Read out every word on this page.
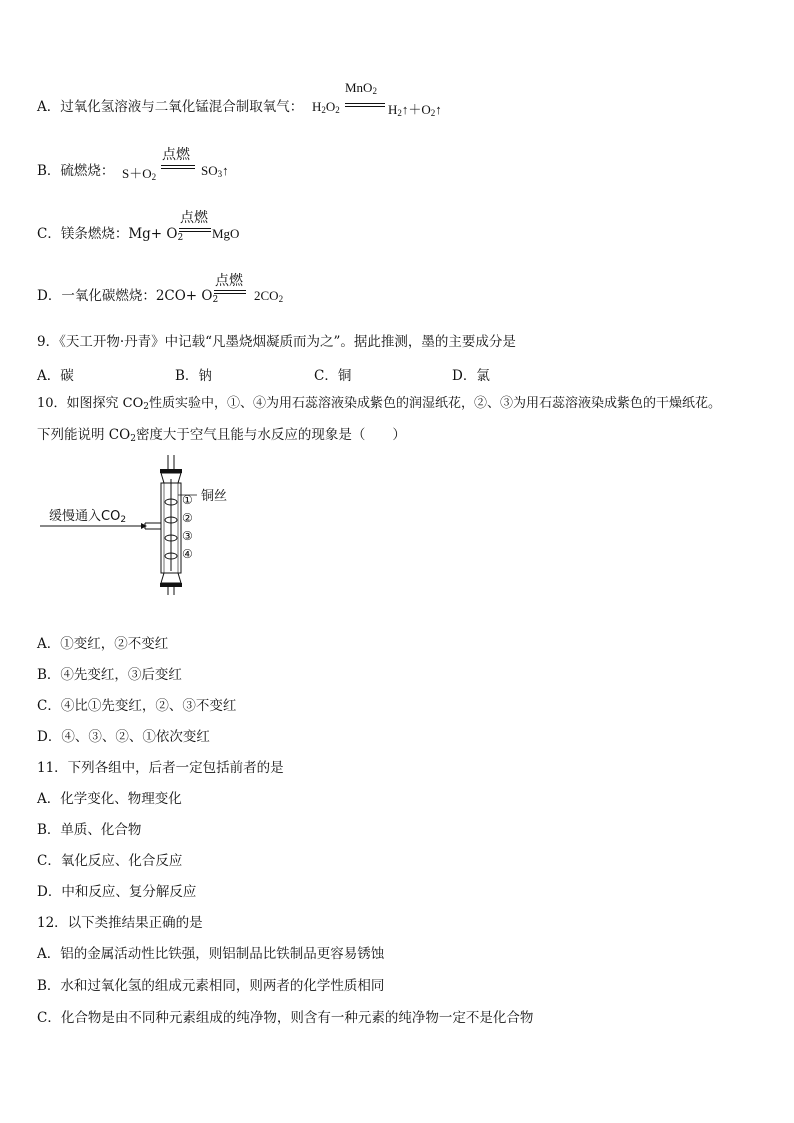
A．过氧化氢溶液与二氧化锰混合制取氧气： $H_2O_2$
MnO$_2$
$H_2↑+O_2↑$
B．硫燃烧： $S+O_2$
点燃
$SO_3↑$
C．镁条燃烧：$Mg+ O_2$
点燃
MgO
D．一氧化碳燃烧：$2CO+ O_2$
点燃
$2CO_2$
9．《天工开物·丹青》中记载“凡墨烧烟凝质而为之”。据此推测，墨的主要成分是
A．碳	B．钠	C．铜	D．氯
10．如图探究 $CO_2$性质实验中，①、④为用石蕊溶液染成紫色的润湿纸花，②、③为用石蕊溶液染成紫色的干燥纸花。
下列能说明 $CO_2$密度大于空气且能与水反应的现象是（　　）
缓慢通入$CO_2$
铜丝
①
②
③
④
A．①变红，②不变红
B．④先变红，③后变红
C．④比①先变红，②、③不变红
D．④、③、②、①依次变红
11．下列各组中，后者一定包括前者的是
A．化学变化、物理变化
B．单质、化合物
C．氧化反应、化合反应
D．中和反应、复分解反应
12．以下类推结果正确的是
A．铝的金属活动性比铁强，则铝制品比铁制品更容易锈蚀
B．水和过氧化氢的组成元素相同，则两者的化学性质相同
C．化合物是由不同种元素组成的纯净物，则含有一种元素的纯净物一定不是化合物
